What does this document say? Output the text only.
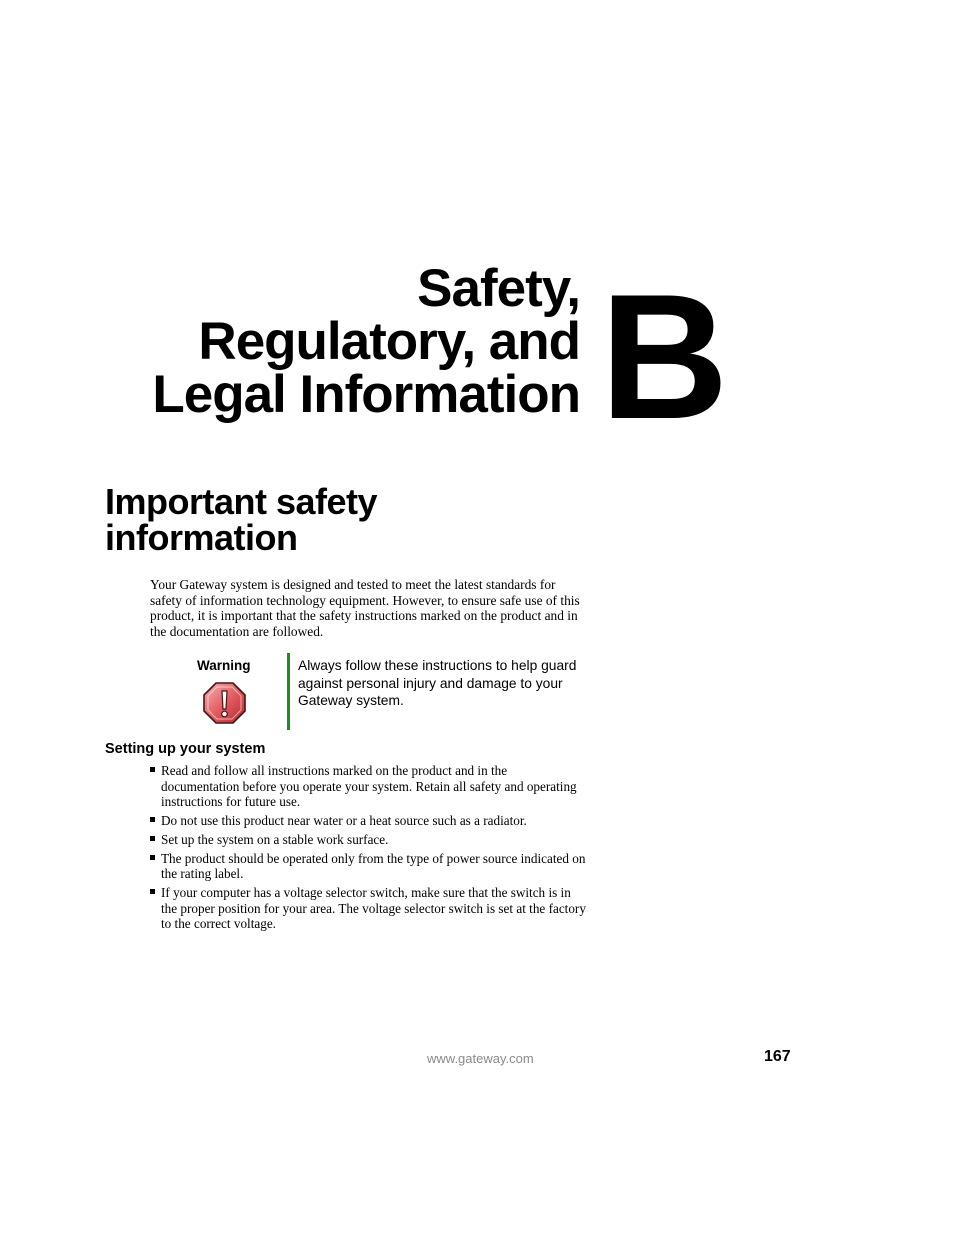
Safety,
Regulatory, and
Legal Information B
Important safety
information

Your Gateway system is designed and tested to meet the latest standards for safety of information technology equipment. However, to ensure safe use of this product, it is important that the safety instructions marked on the product and in the documentation are followed.

Warning	Always follow these instructions to help guard against personal injury and damage to your Gateway system.

Setting up your system
Read and follow all instructions marked on the product and in the documentation before you operate your system. Retain all safety and operating instructions for future use.
Do not use this product near water or a heat source such as a radiator.
Set up the system on a stable work surface.
The product should be operated only from the type of power source indicated on the rating label.
If your computer has a voltage selector switch, make sure that the switch is in the proper position for your area. The voltage selector switch is set at the factory to the correct voltage.
www.gateway.com	167
